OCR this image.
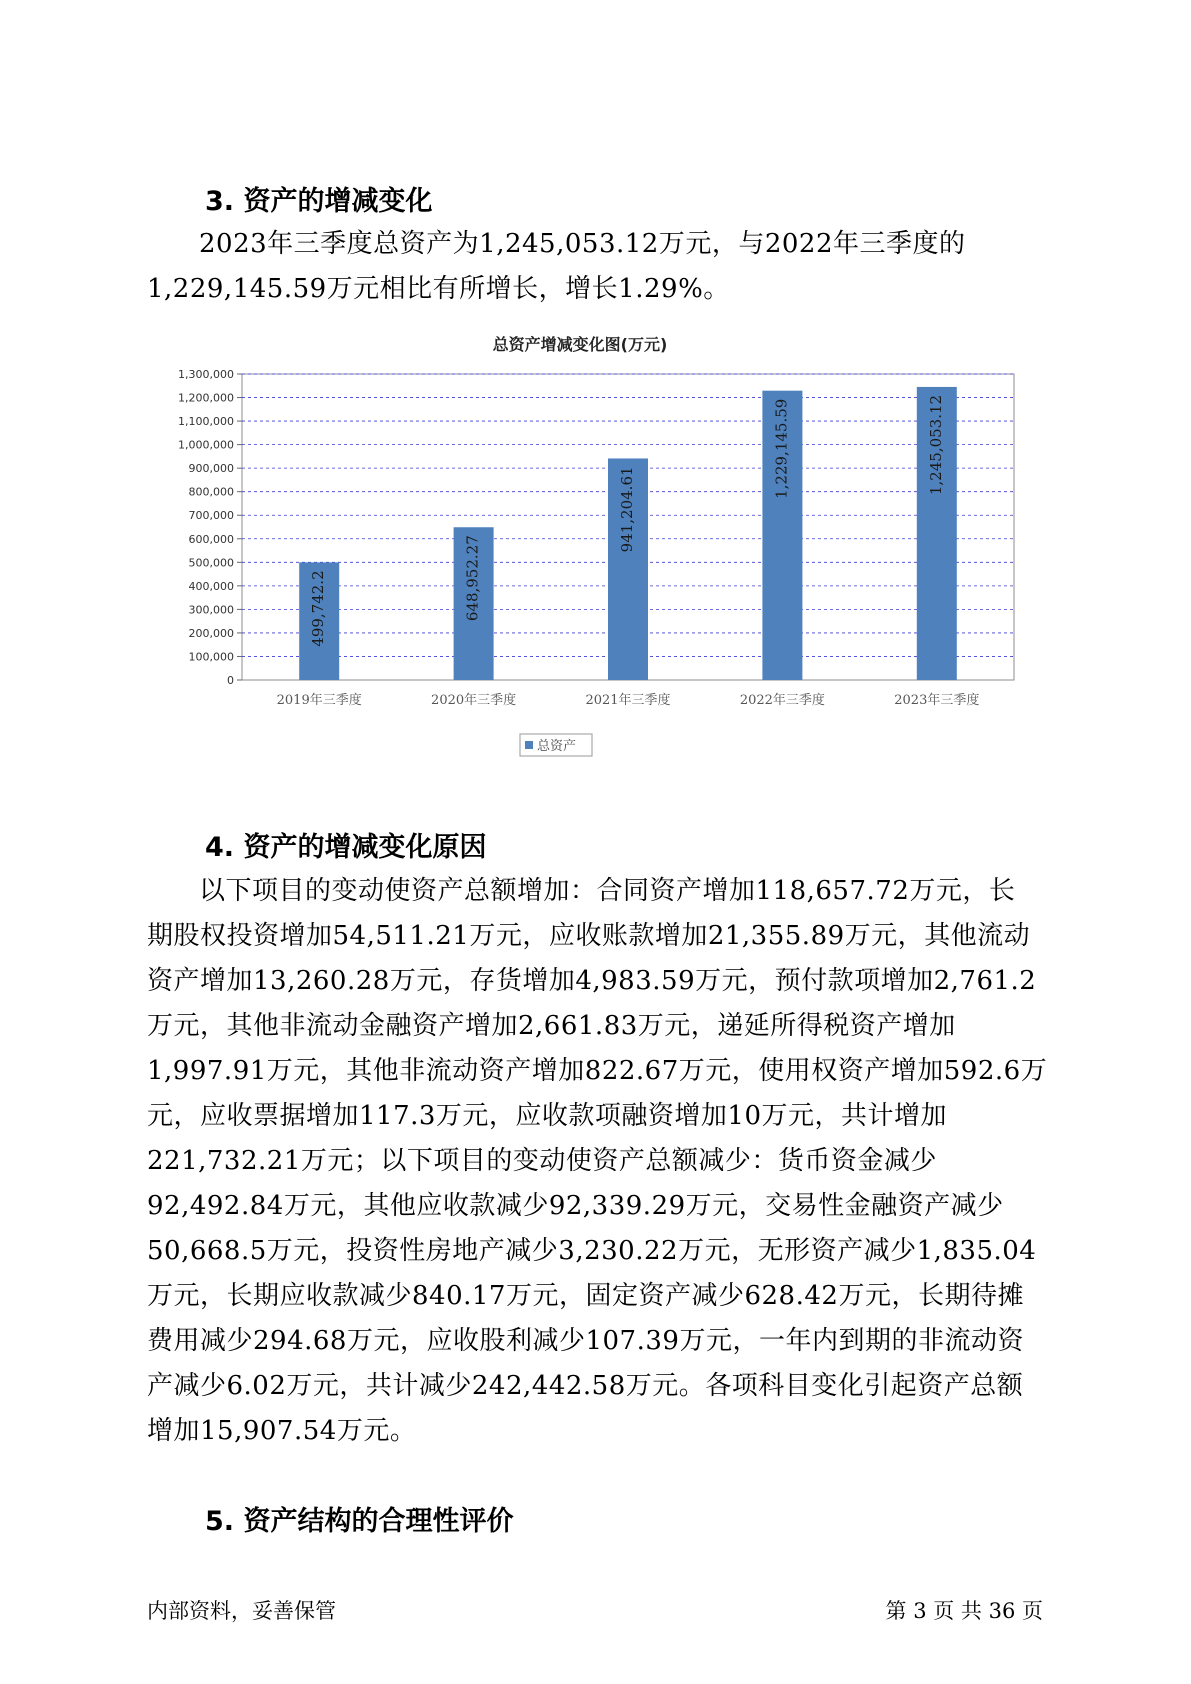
3. 资产的增减变化

2023年三季度总资产为1,245,053.12万元，与2022年三季度的
1,229,145.59万元相比有所增长，增长1.29%。

总资产增减变化图(万元)
0
100,000
200,000
300,000
400,000
500,000
600,000
700,000
800,000
900,000
1,000,000
1,100,000
1,200,000
1,300,000
499,742.2	648,952.27
941,204.61
1,229,145.59	1,245,053.12
2019年三季度	2020年三季度	2021年三季度	2022年三季度	2023年三季度
总资产
4. 资产的增减变化原因

以下项目的变动使资产总额增加：合同资产增加118,657.72万元，长
期股权投资增加54,511.21万元，应收账款增加21,355.89万元，其他流动
资产增加13,260.28万元，存货增加4,983.59万元，预付款项增加2,761.2
万元，其他非流动金融资产增加2,661.83万元，递延所得税资产增加
1,997.91万元，其他非流动资产增加822.67万元，使用权资产增加592.6万
元，应收票据增加117.3万元，应收款项融资增加10万元，共计增加
221,732.21万元；以下项目的变动使资产总额减少：货币资金减少
92,492.84万元，其他应收款减少92,339.29万元，交易性金融资产减少
50,668.5万元，投资性房地产减少3,230.22万元，无形资产减少1,835.04
万元，长期应收款减少840.17万元，固定资产减少628.42万元，长期待摊
费用减少294.68万元，应收股利减少107.39万元，一年内到期的非流动资
产减少6.02万元，共计减少242,442.58万元。各项科目变化引起资产总额
增加15,907.54万元。

5. 资产结构的合理性评价
内部资料，妥善保管	第 3 页 共 36 页
